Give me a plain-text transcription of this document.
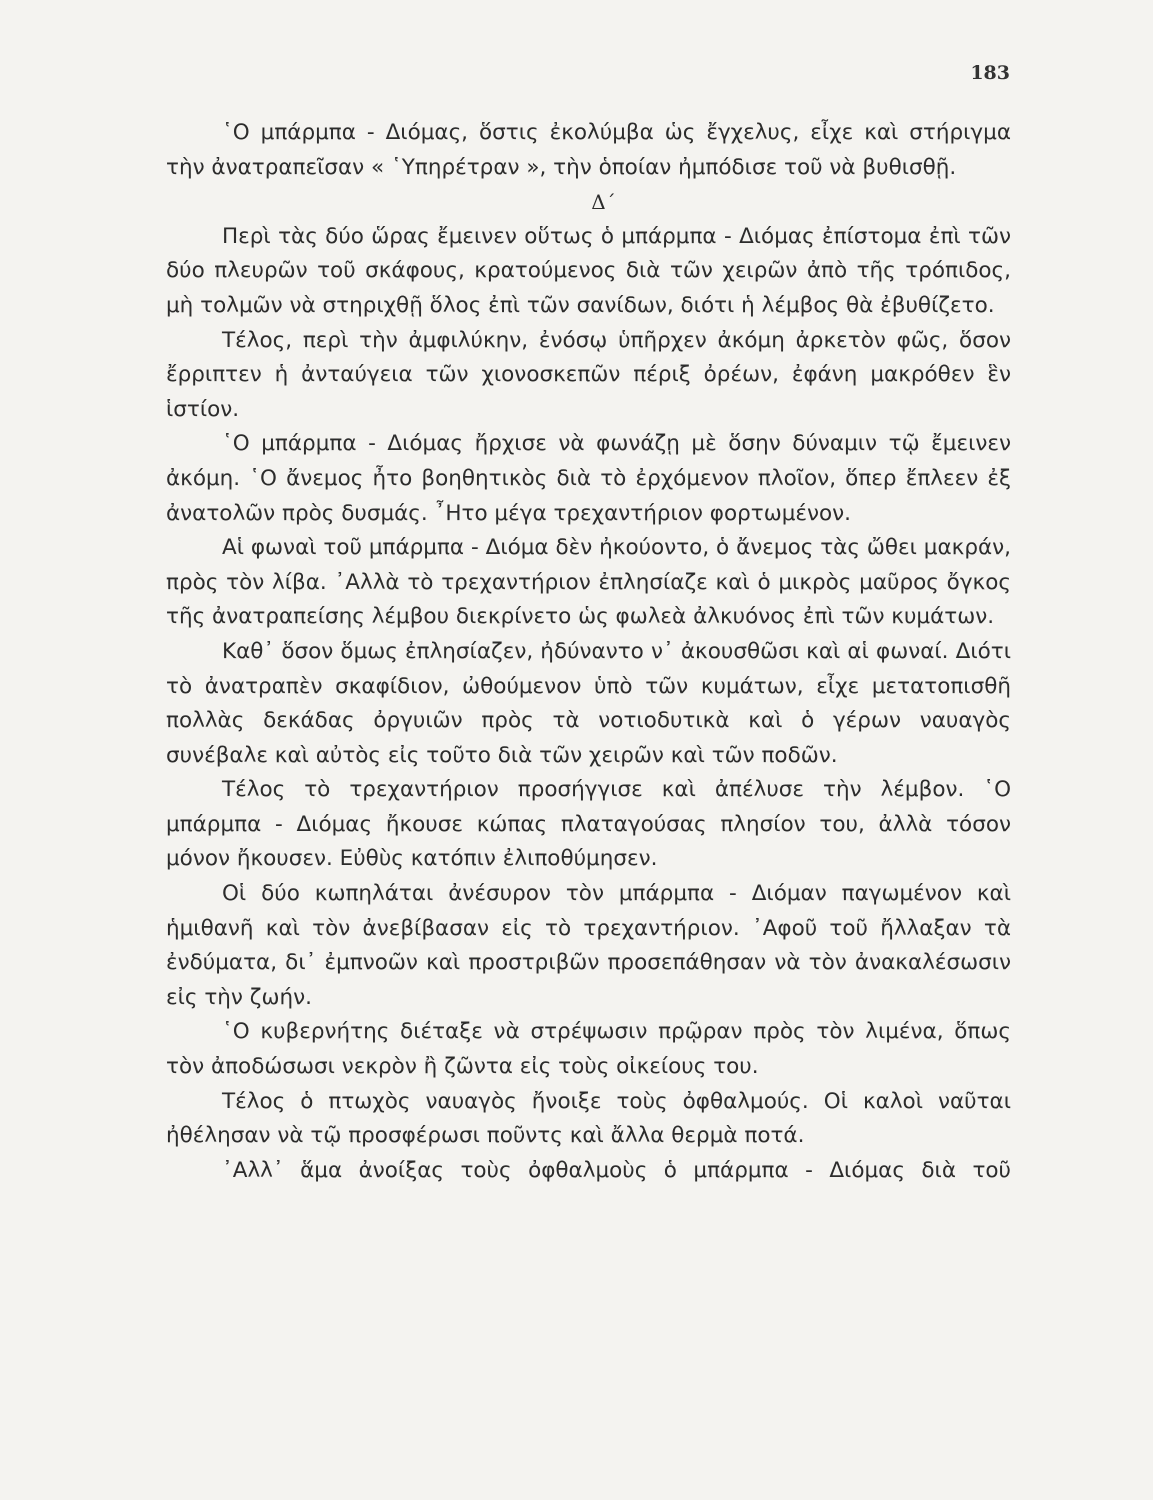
183

῾Ο μπάρμπα - Διόμας, ὅστις ἐκολύμβα ὡς ἔγχελυς, εἶχε καὶ στήριγμα τὴν ἀνατραπεῖσαν « ῾Υπηρέτραν », τὴν ὁποίαν ἠμπόδισε τοῦ νὰ βυθισθῇ.

Δ΄

Περὶ τὰς δύο ὥρας ἔμεινεν οὕτως ὁ μπάρμπα - Διόμας ἐπίστομα ἐπὶ τῶν δύο πλευρῶν τοῦ σκάφους, κρατούμενος διὰ τῶν χειρῶν ἀπὸ τῆς τρόπιδος, μὴ τολμῶν νὰ στηριχθῇ ὅλος ἐπὶ τῶν σανίδων, διότι ἡ λέμβος θὰ ἐβυθίζετο.

Τέλος, περὶ τὴν ἀμφιλύκην, ἐνόσῳ ὑπῆρχεν ἀκόμη ἀρκετὸν φῶς, ὅσον ἔρριπτεν ἡ ἀνταύγεια τῶν χιονοσκεπῶν πέριξ ὀρέων, ἐφάνη μακρόθεν ἓν ἱστίον.

῾Ο μπάρμπα - Διόμας ἤρχισε νὰ φωνάζῃ μὲ ὅσην δύναμιν τῷ ἔμεινεν ἀκόμη. ῾Ο ἄνεμος ἦτο βοηθητικὸς διὰ τὸ ἐρχόμενον πλοῖον, ὅπερ ἔπλεεν ἐξ ἀνατολῶν πρὸς δυσμάς. ῏Ητο μέγα τρεχαντήριον φορτωμένον.

Αἱ φωναὶ τοῦ μπάρμπα - Διόμα δὲν ἠκούοντο, ὁ ἄνεμος τὰς ὤθει μακράν, πρὸς τὸν λίβα. ᾿Αλλὰ τὸ τρεχαντήριον ἐπλησίαζε καὶ ὁ μικρὸς μαῦρος ὄγκος τῆς ἀνατραπείσης λέμβου διεκρίνετο ὡς φωλεὰ ἀλκυόνος ἐπὶ τῶν κυμάτων.

Καθ᾿ ὅσον ὅμως ἐπλησίαζεν, ἠδύναντο ν᾿ ἀκουσθῶσι καὶ αἱ φωναί. Διότι τὸ ἀνατραπὲν σκαφίδιον, ὠθούμενον ὑπὸ τῶν κυμάτων, εἶχε μετατοπισθῆ πολλὰς δεκάδας ὀργυιῶν πρὸς τὰ νοτιοδυτικὰ καὶ ὁ γέρων ναυαγὸς συνέβαλε καὶ αὐτὸς εἰς τοῦτο διὰ τῶν χειρῶν καὶ τῶν ποδῶν.

Τέλος τὸ τρεχαντήριον προσήγγισε καὶ ἀπέλυσε τὴν λέμβον. ῾Ο μπάρμπα - Διόμας ἤκουσε κώπας πλαταγούσας πλησίον του, ἀλλὰ τόσον μόνον ἤκουσεν. Εὐθὺς κατόπιν ἐλιποθύμησεν.

Οἱ δύο κωπηλάται ἀνέσυρον τὸν μπάρμπα - Διόμαν παγωμένον καὶ ἡμιθανῆ καὶ τὸν ἀνεβίβασαν εἰς τὸ τρεχαντήριον. ᾿Αφοῦ τοῦ ἤλλαξαν τὰ ἐνδύματα, δι᾿ ἐμπνοῶν καὶ προστριβῶν προσεπάθησαν νὰ τὸν ἀνακαλέσωσιν εἰς τὴν ζωήν.

῾Ο κυβερνήτης διέταξε νὰ στρέψωσιν πρῷραν πρὸς τὸν λιμένα, ὅπως τὸν ἀποδώσωσι νεκρὸν ἢ ζῶντα εἰς τοὺς οἰκείους του.

Τέλος ὁ πτωχὸς ναυαγὸς ἤνοιξε τοὺς ὀφθαλμούς. Οἱ καλοὶ ναῦται ἠθέλησαν νὰ τῷ προσφέρωσι ποῦντς καὶ ἄλλα θερμὰ ποτά.

᾿Αλλ᾿ ἅμα ἀνοίξας τοὺς ὀφθαλμοὺς ὁ μπάρμπα - Διόμας διὰ τοῦ
